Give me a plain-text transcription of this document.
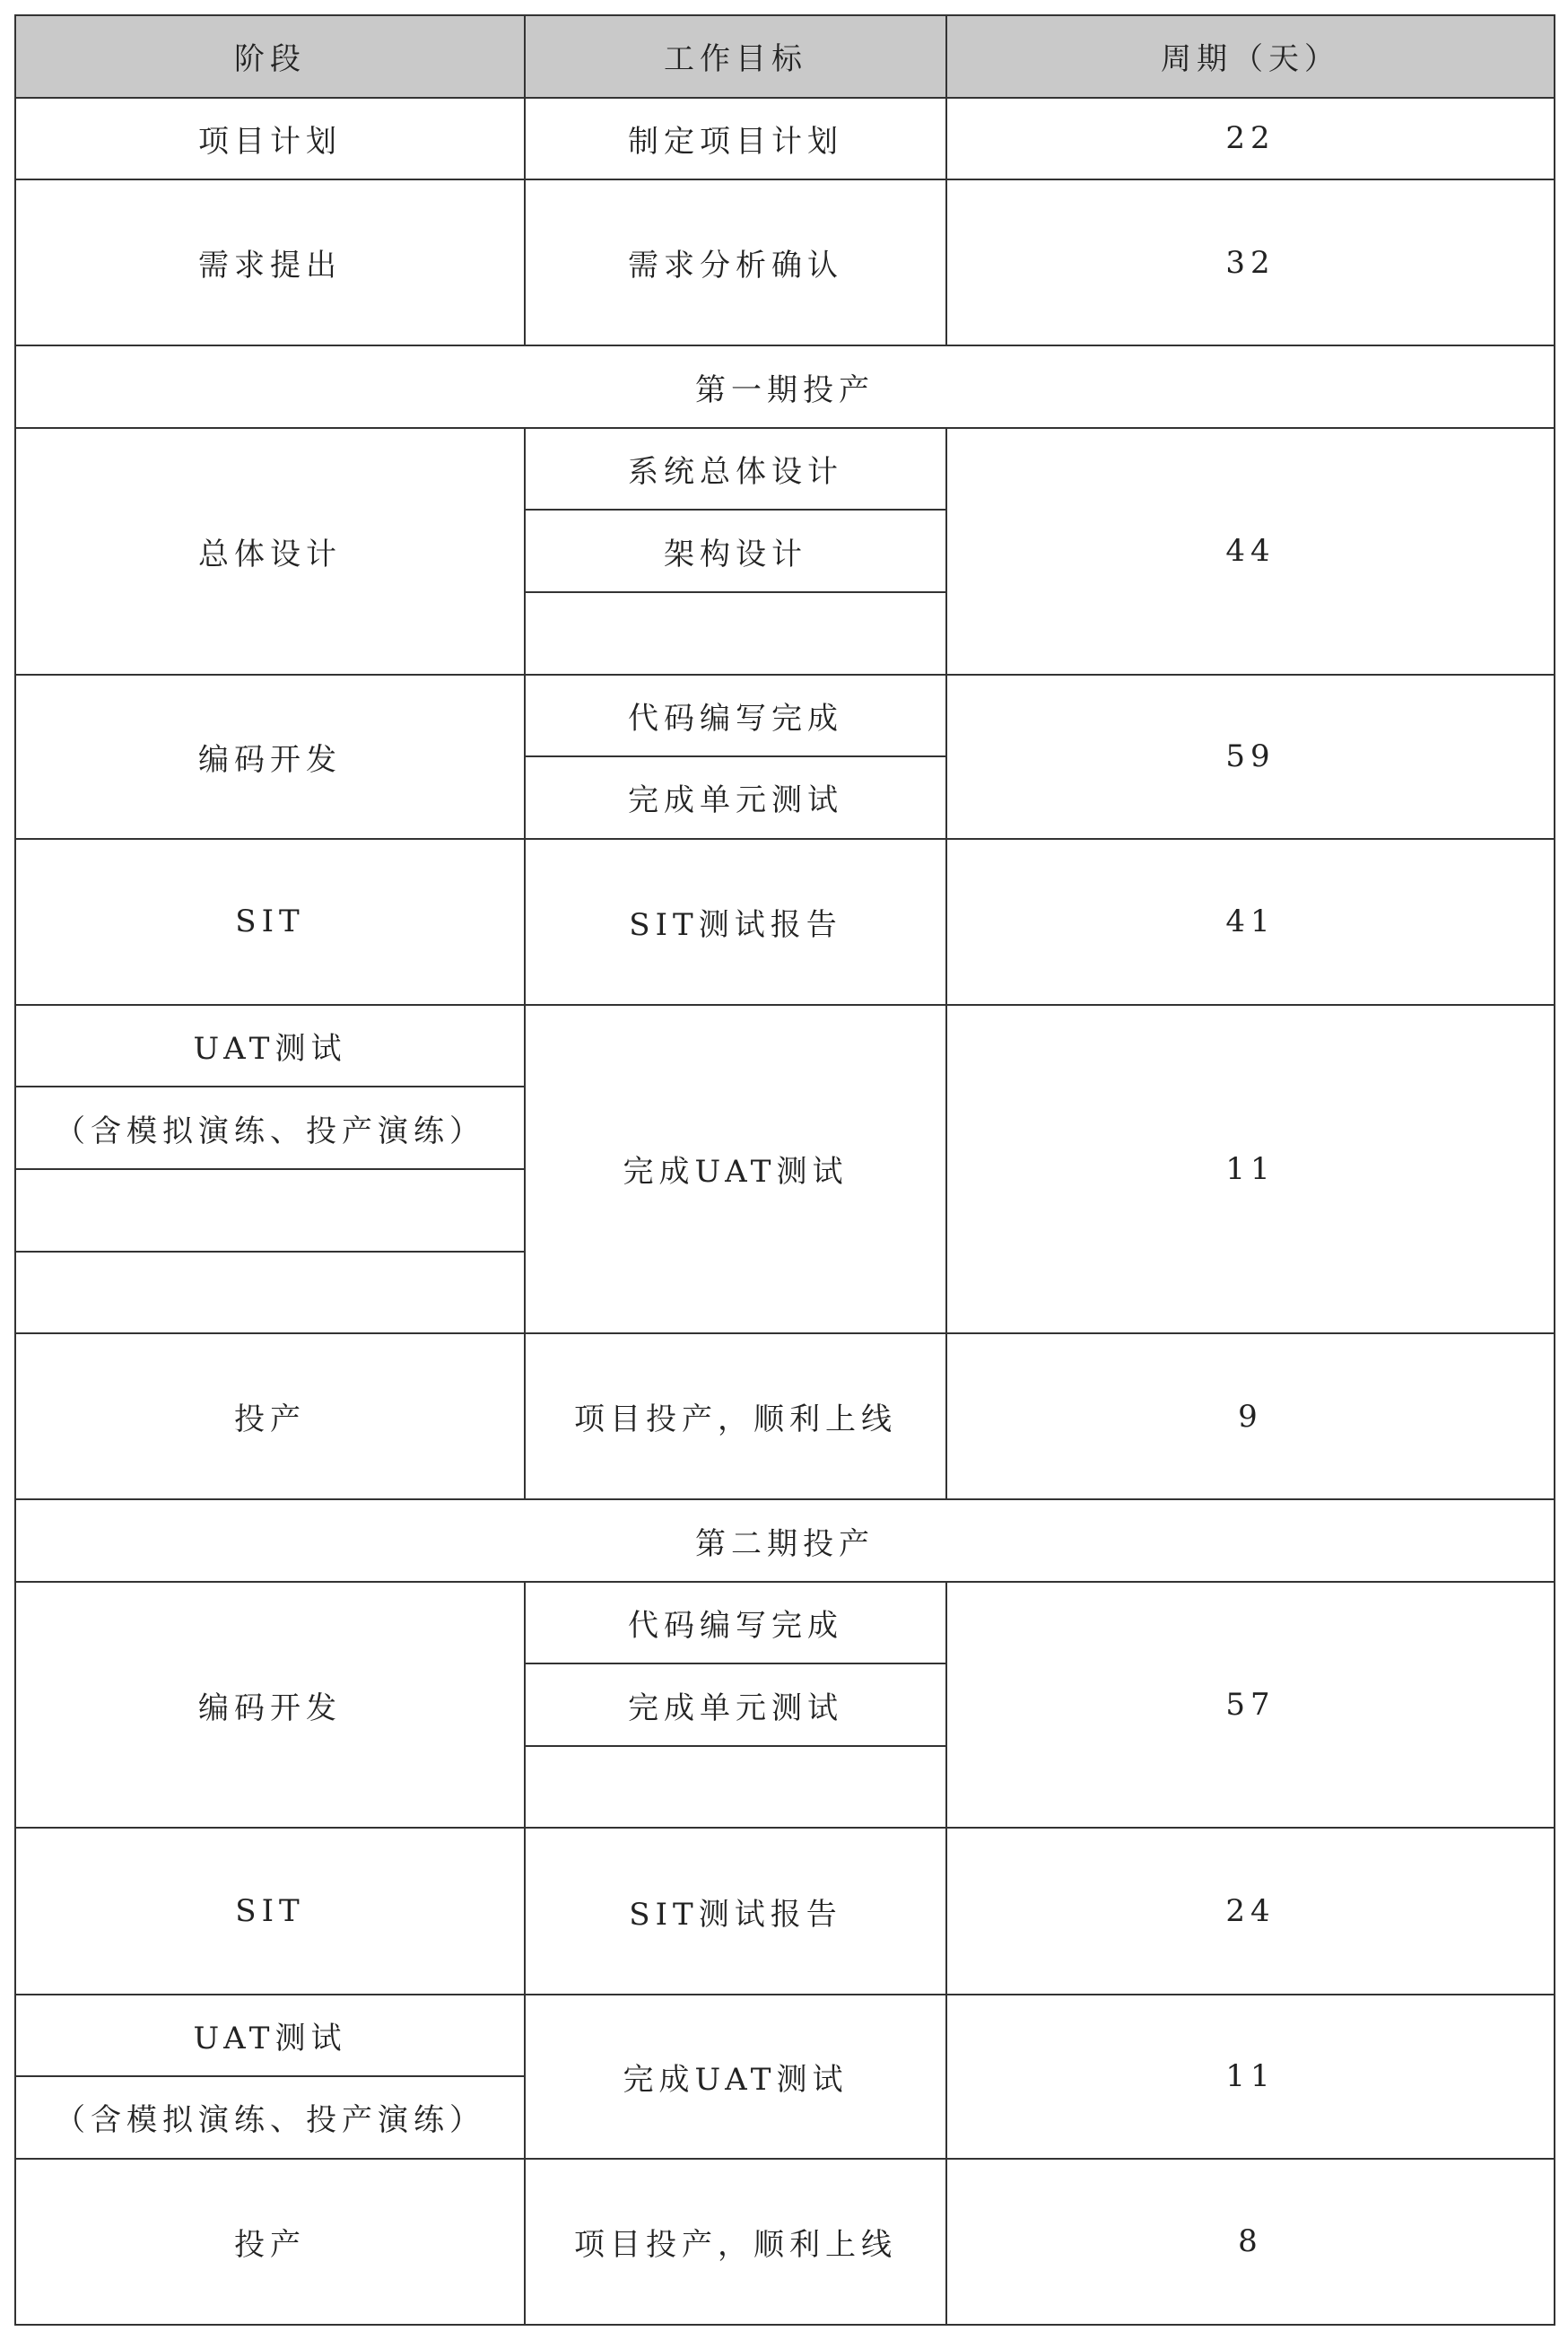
阶段	工作目标	周期（天）
项目计划	制定项目计划	22
需求提出	需求分析确认	32
第一期投产		
总体设计	系统总体设计	44
	架构设计	

编码开发	代码编写完成	59
	完成单元测试	
SIT	SIT测试报告	41
UAT测试	完成UAT测试	11
（含模拟演练、投产演练）		

投产	项目投产，顺利上线	9
第二期投产		
编码开发	代码编写完成	57
	完成单元测试	

SIT	SIT测试报告	24
UAT测试	完成UAT测试	11
（含模拟演练、投产演练）		
投产	项目投产，顺利上线	8
